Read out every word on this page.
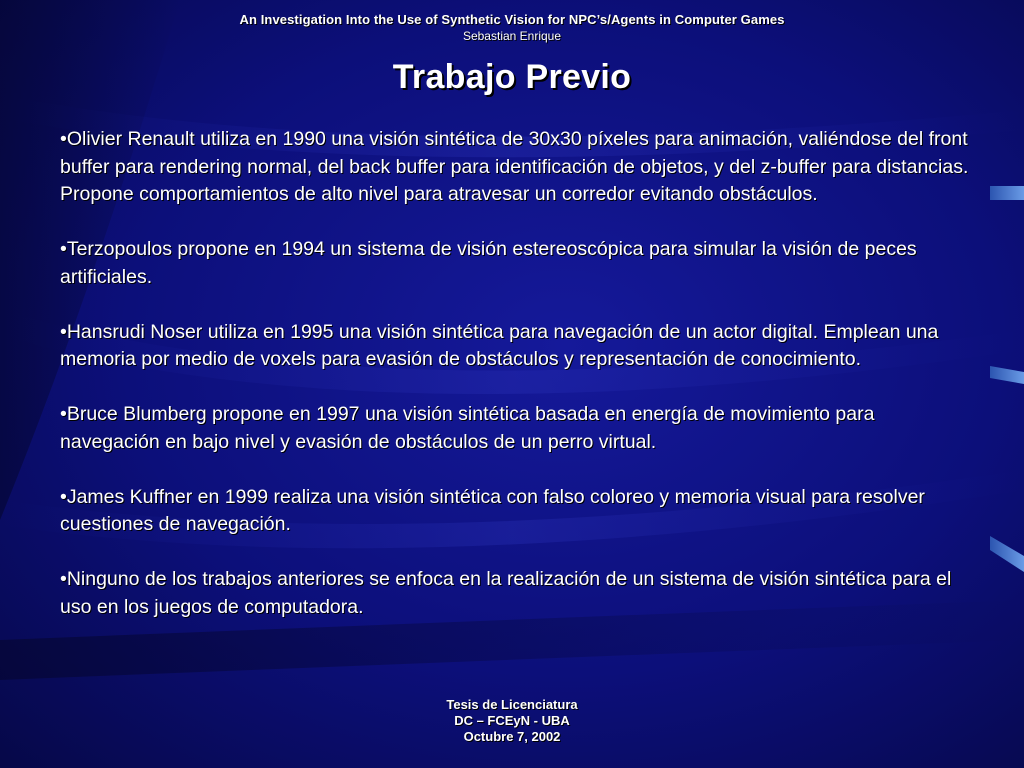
An Investigation Into the Use of Synthetic Vision for NPC’s/Agents in Computer Games
Sebastian Enrique
Trabajo Previo
•Olivier Renault utiliza en 1990 una visión sintética de 30x30 píxeles para animación, valiéndose del front buffer para rendering normal, del back buffer para identificación de objetos, y del z-buffer para distancias. Propone comportamientos de alto nivel para atravesar un corredor evitando obstáculos.
•Terzopoulos propone en 1994 un sistema de visión estereoscópica para simular la visión de peces artificiales.
•Hansrudi Noser utiliza en 1995 una visión sintética para navegación de un actor digital. Emplean una memoria por medio de voxels para evasión de obstáculos y representación de conocimiento.
•Bruce Blumberg propone en 1997 una visión sintética basada en energía de movimiento para navegación en bajo nivel y evasión de obstáculos de un perro virtual.
•James Kuffner en 1999 realiza una visión sintética con falso coloreo y memoria visual para resolver cuestiones de navegación.
•Ninguno de los trabajos anteriores se enfoca en la realización de un sistema de visión sintética para el uso en los juegos de computadora.
Tesis de Licenciatura
DC – FCEyN - UBA
Octubre 7, 2002
